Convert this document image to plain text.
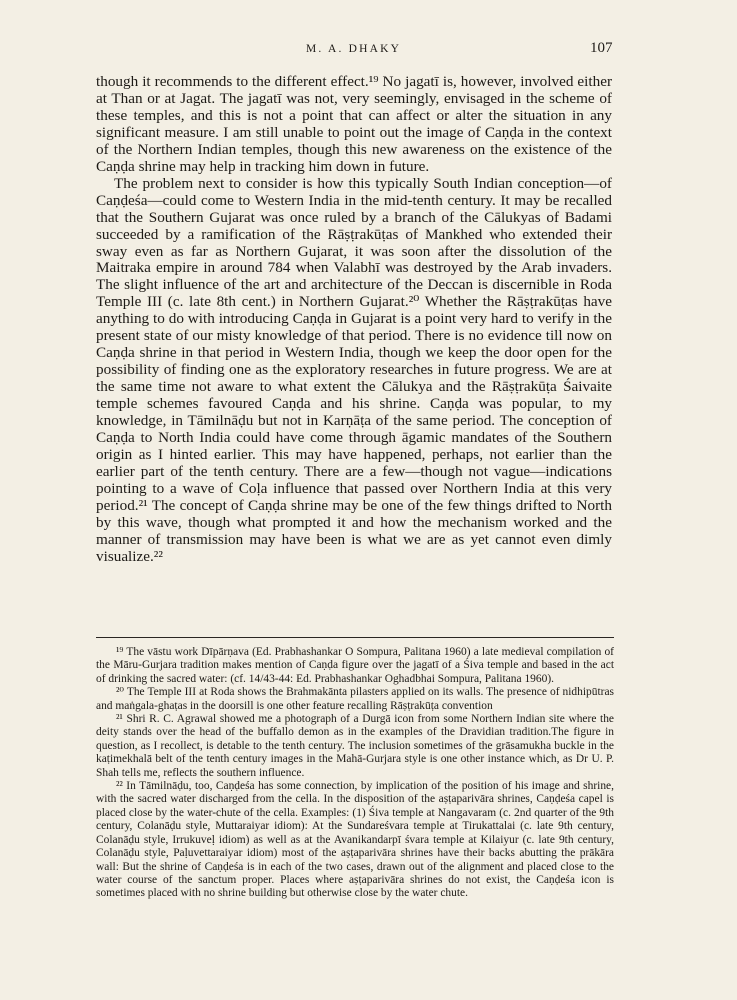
M. A. DHAKY	107

though it recommends to the different effect.¹⁹ No jagatī is, however, involved either at Than or at Jagat. The jagatī was not, very seemingly, envisaged in the scheme of these temples, and this is not a point that can affect or alter the situation in any significant measure. I am still unable to point out the image of Caṇḍa in the context of the Northern Indian temples, though this new awareness on the existence of the Caṇḍa shrine may help in tracking him down in future.

The problem next to consider is how this typically South Indian conception—of Caṇḍeśa—could come to Western India in the mid-tenth century. It may be recalled that the Southern Gujarat was once ruled by a branch of the Cālukyas of Badami succeeded by a ramification of the Rāṣṭrakūṭas of Mankhed who extended their sway even as far as Northern Gujarat, it was soon after the dissolution of the Maitraka empire in around 784 when Valabhī was destroyed by the Arab invaders. The slight influence of the art and architecture of the Deccan is discernible in Roda Temple III (c. late 8th cent.) in Northern Gujarat.²⁰ Whether the Rāṣṭrakūṭas have anything to do with introducing Caṇḍa in Gujarat is a point very hard to verify in the present state of our misty knowledge of that period. There is no evidence till now on Caṇḍa shrine in that period in Western India, though we keep the door open for the possibility of finding one as the exploratory researches in future progress. We are at the same time not aware to what extent the Cālukya and the Rāṣṭrakūṭa Śaivaite temple schemes favoured Caṇḍa and his shrine. Caṇḍa was popular, to my knowledge, in Tāmilnāḍu but not in Karṇāṭa of the same period. The conception of Caṇḍa to North India could have come through āgamic mandates of the Southern origin as I hinted earlier. This may have happened, perhaps, not earlier than the earlier part of the tenth century. There are a few—though not vague—indications pointing to a wave of Coḷa influence that passed over Northern India at this very period.²¹ The concept of Caṇḍa shrine may be one of the few things drifted to North by this wave, though what prompted it and how the mechanism worked and the manner of transmission may have been is what we are as yet cannot even dimly visualize.²²

¹⁹ The vāstu work Dīpārṇava (Ed. Prabhashankar O Sompura, Palitana 1960) a late medieval compilation of the Māru-Gurjara tradition makes mention of Caṇḍa figure over the jagatī of a Śiva temple and based in the act of drinking the sacred water: (cf. 14/43-44: Ed. Prabhashankar Oghadbhai Sompura, Palitana 1960).

²⁰ The Temple III at Roda shows the Brahmakānta pilasters applied on its walls. The presence of nidhipūtras and maṅgala-ghaṭas in the doorsill is one other feature recalling Rāṣṭrakūṭa convention

²¹ Shri R. C. Agrawal showed me a photograph of a Durgā icon from some Northern Indian site where the deity stands over the head of the buffallo demon as in the examples of the Dravidian tradition.The figure in question, as I recollect, is detable to the tenth century. The inclusion sometimes of the grāsamukha buckle in the kaṭimekhalā belt of the tenth century images in the Mahā-Gurjara style is one other instance which, as Dr U. P. Shah tells me, reflects the southern influence.

²² In Tāmilnāḍu, too, Caṇḍeśa has some connection, by implication of the position of his image and shrine, with the sacred water discharged from the cella. In the disposition of the aṣṭaparivāra shrines, Caṇḍeśa capel is placed close by the water-chute of the cella. Examples: (1) Śiva temple at Nangavaram (c. 2nd quarter of the 9th century, Colanāḍu style, Muttaraiyar idiom): At the Sundareśvara temple at Tirukattalai (c. late 9th century, Colanāḍu style, Irrukuveḷ idiom) as well as at the Avanikandarpī śvara temple at Kilaiyur (c. late 9th century, Colanāḍu style, Paḷuvettaraiyar idiom) most of the aṣṭaparivāra shrines have their backs abutting the prākāra wall: But the shrine of Caṇḍeśa is in each of the two cases, drawn out of the alignment and placed close to the water course of the sanctum proper. Places where aṣṭaparivāra shrines do not exist, the Caṇḍeśa icon is sometimes placed with no shrine building but otherwise close by the water chute.
